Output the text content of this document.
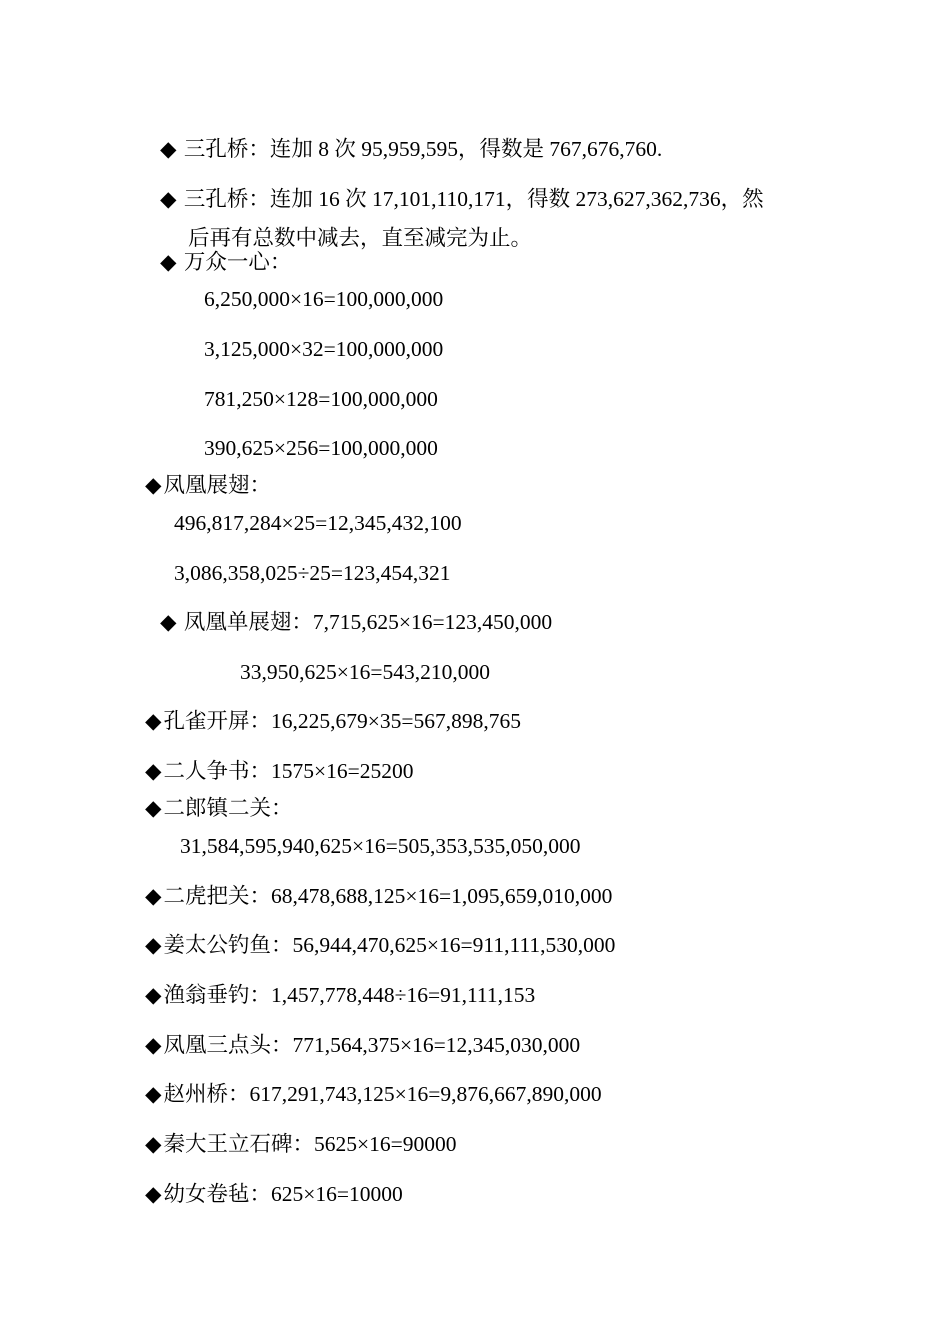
◆ 三孔桥：连加 8 次 95,959,595，得数是 767,676,760.
◆ 三孔桥：连加 16 次 17,101,110,171，得数 273,627,362,736，然
后再有总数中减去，直至减完为止。
◆ 万众一心：
6,250,000×16=100,000,000
3,125,000×32=100,000,000
781,250×128=100,000,000
390,625×256=100,000,000
◆凤凰展翅：
496,817,284×25=12,345,432,100
3,086,358,025÷25=123,454,321
◆ 凤凰单展翅：7,715,625×16=123,450,000
33,950,625×16=543,210,000
◆孔雀开屏：16,225,679×35=567,898,765
◆二人争书：1575×16=25200
◆二郎镇二关：
31,584,595,940,625×16=505,353,535,050,000
◆二虎把关：68,478,688,125×16=1,095,659,010,000
◆姜太公钓鱼：56,944,470,625×16=911,111,530,000
◆渔翁垂钓：1,457,778,448÷16=91,111,153
◆凤凰三点头：771,564,375×16=12,345,030,000
◆赵州桥：617,291,743,125×16=9,876,667,890,000
◆秦大王立石碑：5625×16=90000
◆幼女卷毡：625×16=10000
